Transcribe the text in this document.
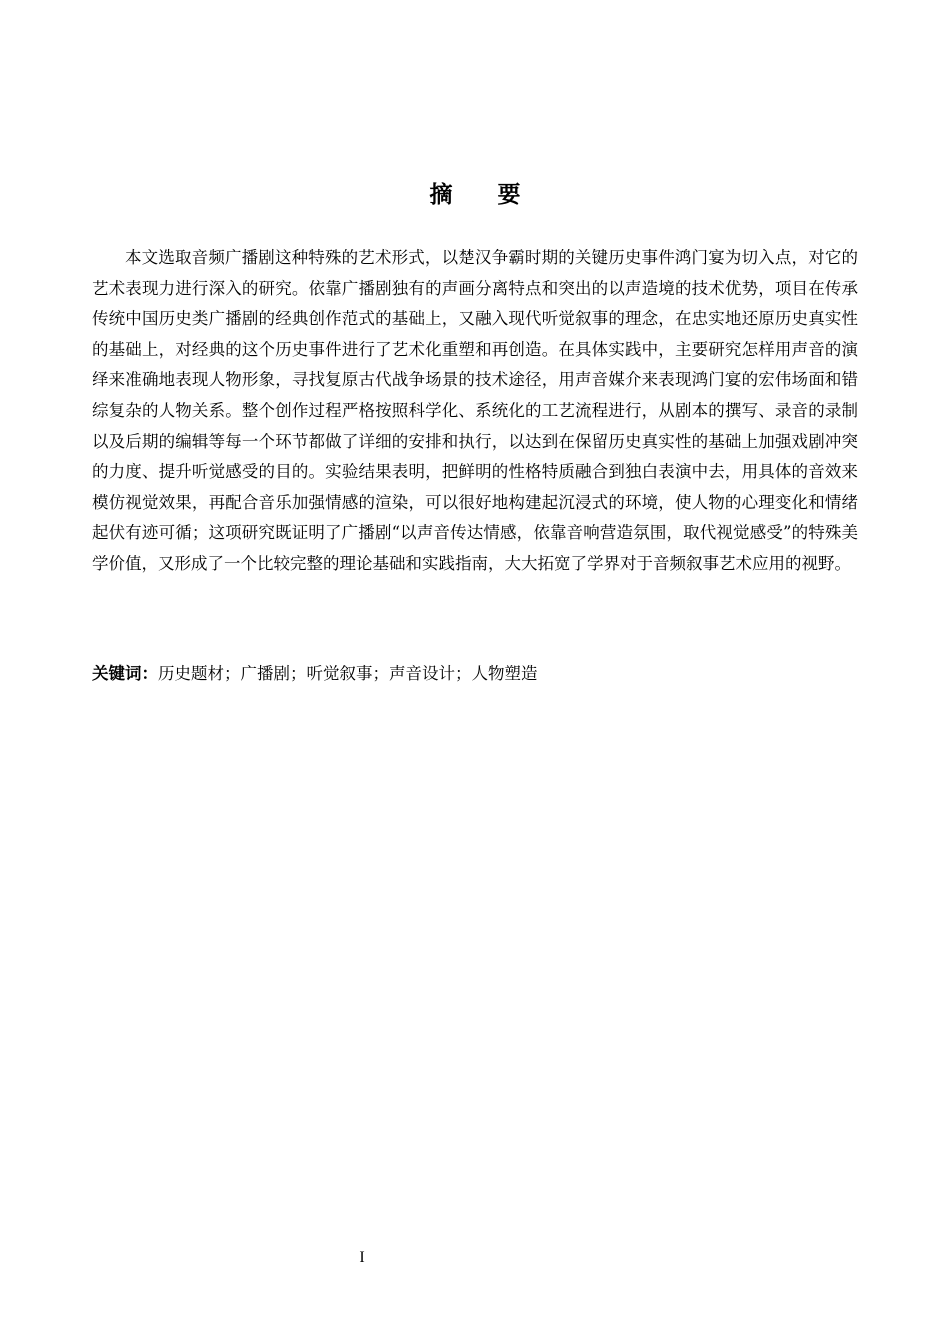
摘要

本文选取音频广播剧这种特殊的艺术形式，以楚汉争霸时期的关键历史事件鸿门宴为切入点，对它的艺术表现力进行深入的研究。依靠广播剧独有的声画分离特点和突出的以声造境的技术优势，项目在传承传统中国历史类广播剧的经典创作范式的基础上，又融入现代听觉叙事的理念，在忠实地还原历史真实性的基础上，对经典的这个历史事件进行了艺术化重塑和再创造。在具体实践中，主要研究怎样用声音的演绎来准确地表现人物形象，寻找复原古代战争场景的技术途径，用声音媒介来表现鸿门宴的宏伟场面和错综复杂的人物关系。整个创作过程严格按照科学化、系统化的工艺流程进行，从剧本的撰写、录音的录制以及后期的编辑等每一个环节都做了详细的安排和执行，以达到在保留历史真实性的基础上加强戏剧冲突的力度、提升听觉感受的目的。实验结果表明，把鲜明的性格特质融合到独白表演中去，用具体的音效来模仿视觉效果，再配合音乐加强情感的渲染，可以很好地构建起沉浸式的环境，使人物的心理变化和情绪起伏有迹可循；这项研究既证明了广播剧“以声音传达情感，依靠音响营造氛围，取代视觉感受”的特殊美学价值，又形成了一个比较完整的理论基础和实践指南，大大拓宽了学界对于音频叙事艺术应用的视野。

关键词：历史题材；广播剧；听觉叙事；声音设计；人物塑造

I
